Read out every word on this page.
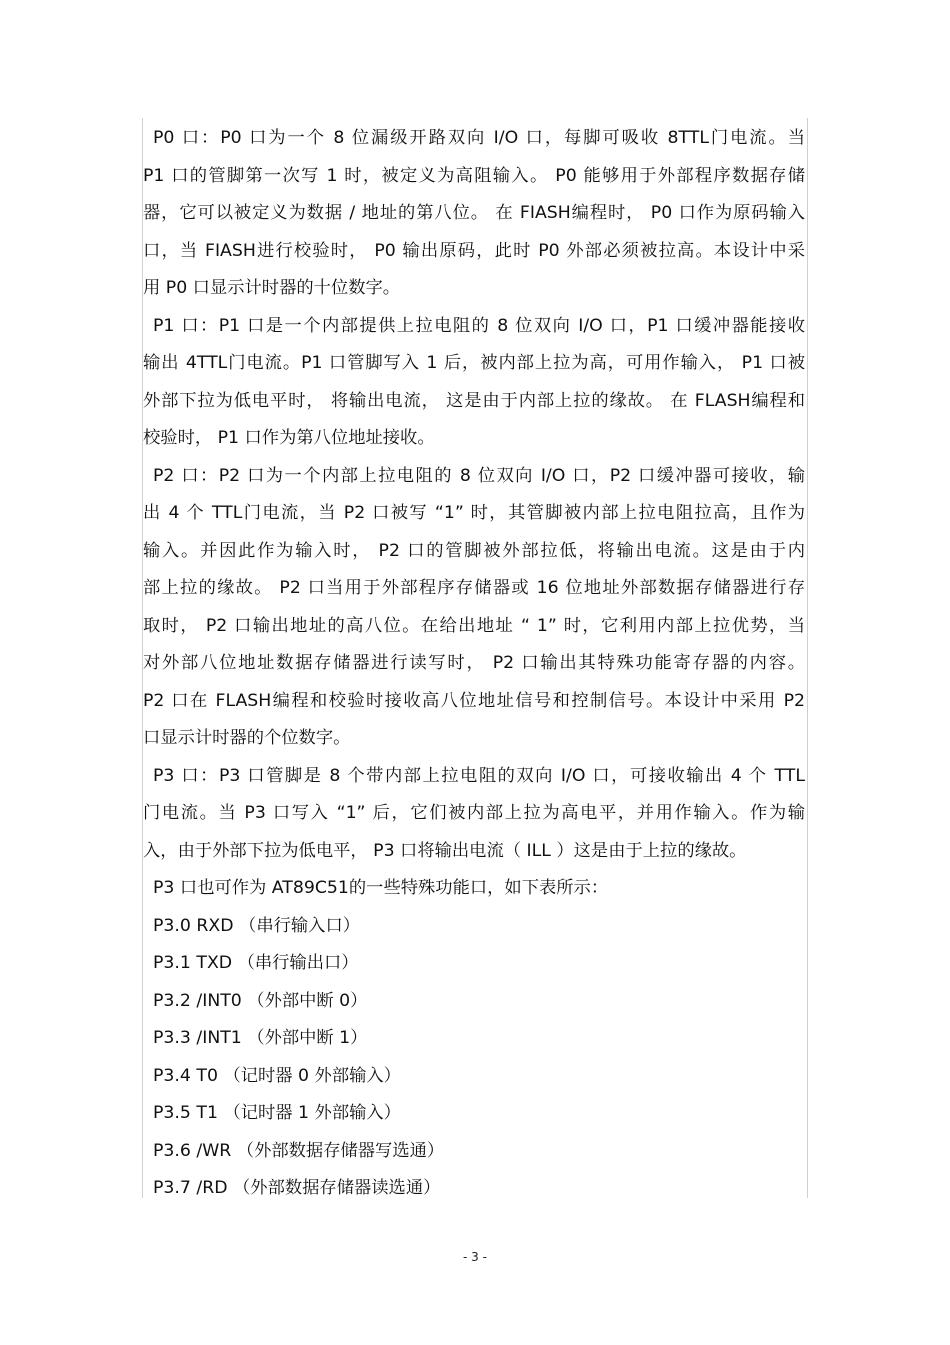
P0 口：P0 口为一个 8 位漏级开路双向 I/O 口，每脚可吸收 8TTL门电流。当
P1 口的管脚第一次写 1 时，被定义为高阻输入。 P0 能够用于外部程序数据存储
器，它可以被定义为数据 / 地址的第八位。 在 FIASH编程时， P0 口作为原码输入
口，当 FIASH进行校验时， P0 输出原码，此时 P0 外部必须被拉高。本设计中采
用 P0 口显示计时器的十位数字。
P1 口：P1 口是一个内部提供上拉电阻的 8 位双向 I/O 口，P1 口缓冲器能接收
输出 4TTL门电流。P1 口管脚写入 1 后，被内部上拉为高，可用作输入， P1 口被
外部下拉为低电平时， 将输出电流， 这是由于内部上拉的缘故。 在 FLASH编程和
校验时， P1 口作为第八位地址接收。
P2 口：P2 口为一个内部上拉电阻的 8 位双向 I/O 口，P2 口缓冲器可接收，输
出 4 个 TTL门电流，当 P2 口被写 “1” 时，其管脚被内部上拉电阻拉高，且作为
输入。并因此作为输入时， P2 口的管脚被外部拉低，将输出电流。这是由于内
部上拉的缘故。 P2 口当用于外部程序存储器或 16 位地址外部数据存储器进行存
取时， P2 口输出地址的高八位。在给出地址 “ 1” 时，它利用内部上拉优势，当
对外部八位地址数据存储器进行读写时， P2 口输出其特殊功能寄存器的内容。
P2 口在 FLASH编程和校验时接收高八位地址信号和控制信号。本设计中采用 P2
口显示计时器的个位数字。
P3 口：P3 口管脚是 8 个带内部上拉电阻的双向 I/O 口，可接收输出 4 个 TTL
门电流。当 P3 口写入 “1” 后，它们被内部上拉为高电平，并用作输入。作为输
入，由于外部下拉为低电平， P3 口将输出电流（ ILL ）这是由于上拉的缘故。
P3 口也可作为 AT89C51的一些特殊功能口，如下表所示：
P3.0 RXD （串行输入口）
P3.1 TXD （串行输出口）
P3.2 /INT0 （外部中断 0）
P3.3 /INT1 （外部中断 1）
P3.4 T0 （记时器 0 外部输入）
P3.5 T1 （记时器 1 外部输入）
P3.6 /WR （外部数据存储器写选通）
P3.7 /RD （外部数据存储器读选通）
- 3 -
